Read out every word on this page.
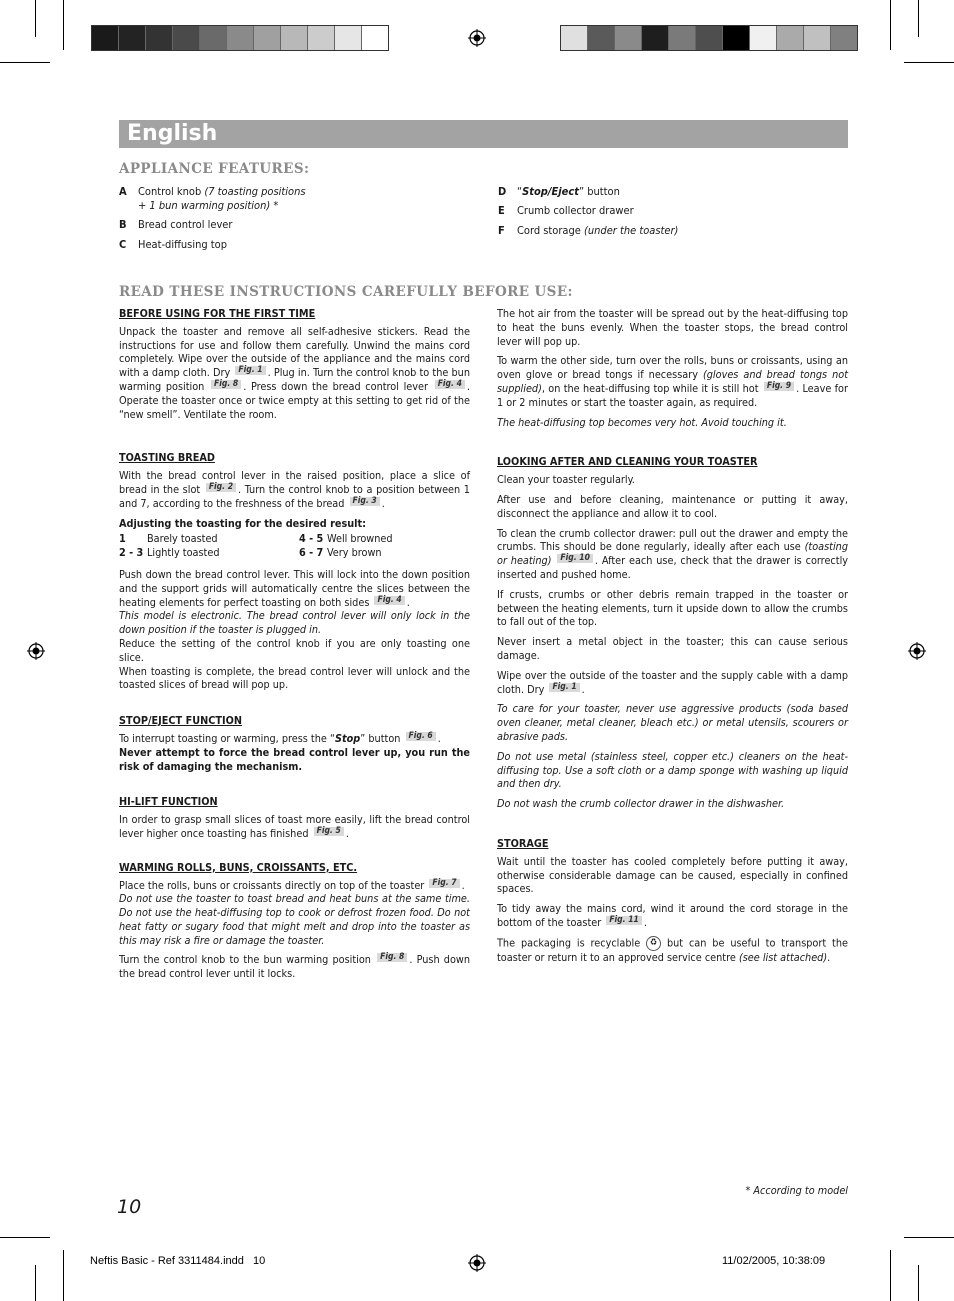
English
APPLIANCE FEATURES:
A Control knob (7 toasting positions
+ 1 bun warming position) *
B Bread control lever
C Heat-diffusing top
D “Stop/Eject” button
E Crumb collector drawer
F Cord storage (under the toaster)
READ THESE INSTRUCTIONS CAREFULLY BEFORE USE:
BEFORE USING FOR THE FIRST TIME

Unpack the toaster and remove all self-adhesive stickers. Read the instructions for use and follow them carefully. Unwind the mains cord completely. Wipe over the outside of the appliance and the mains cord with a damp cloth. Dry Fig. 1 . Plug in. Turn the control knob to the bun warming position Fig. 8 . Press down the bread control lever Fig. 4 . Operate the toaster once or twice empty at this setting to get rid of the “new smell”. Ventilate the room.

TOASTING BREAD

With the bread control lever in the raised position, place a slice of bread in the slot Fig. 2 . Turn the control knob to a position between 1 and 7, according to the freshness of the bread Fig. 3 .

Adjusting the toasting for the desired result:
1	Barely toasted	4 - 5 Well browned
2 - 3 Lightly toasted	6 - 7 Very brown

Push down the bread control lever. This will lock into the down position and the support grids will automatically centre the slices between the heating elements for perfect toasting on both sides Fig. 4 .

This model is electronic. The bread control lever will only lock in the down position if the toaster is plugged in.

Reduce the setting of the control knob if you are only toasting one slice.

When toasting is complete, the bread control lever will unlock and the toasted slices of bread will pop up.

STOP/EJECT FUNCTION

To interrupt toasting or warming, press the “Stop” button Fig. 6 .

Never attempt to force the bread control lever up, you run the risk of damaging the mechanism.

HI-LIFT FUNCTION

In order to grasp small slices of toast more easily, lift the bread control lever higher once toasting has finished Fig. 5 .

WARMING ROLLS, BUNS, CROISSANTS, ETC.

Place the rolls, buns or croissants directly on top of the toaster Fig. 7 .

Do not use the toaster to toast bread and heat buns at the same time. Do not use the heat-diffusing top to cook or defrost frozen food. Do not heat fatty or sugary food that might melt and drop into the toaster as this may risk a fire or damage the toaster.

Turn the control knob to the bun warming position Fig. 8 . Push down the bread control lever until it locks.

The hot air from the toaster will be spread out by the heat-diffusing top to heat the buns evenly. When the toaster stops, the bread control lever will pop up.

To warm the other side, turn over the rolls, buns or croissants, using an oven glove or bread tongs if necessary (gloves and bread tongs not supplied), on the heat-diffusing top while it is still hot Fig. 9 . Leave for 1 or 2 minutes or start the toaster again, as required.

The heat-diffusing top becomes very hot. Avoid touching it.

LOOKING AFTER AND CLEANING YOUR TOASTER

Clean your toaster regularly.

After use and before cleaning, maintenance or putting it away, disconnect the appliance and allow it to cool.

To clean the crumb collector drawer: pull out the drawer and empty the crumbs. This should be done regularly, ideally after each use (toasting or heating) Fig. 10 . After each use, check that the drawer is correctly inserted and pushed home.

If crusts, crumbs or other debris remain trapped in the toaster or between the heating elements, turn it upside down to allow the crumbs to fall out of the top.

Never insert a metal object in the toaster; this can cause serious damage.

Wipe over the outside of the toaster and the supply cable with a damp cloth. Dry Fig. 1 .

To care for your toaster, never use aggressive products (soda based oven cleaner, metal cleaner, bleach etc.) or metal utensils, scourers or abrasive pads.

Do not use metal (stainless steel, copper etc.) cleaners on the heat-diffusing top. Use a soft cloth or a damp sponge with washing up liquid and then dry.

Do not wash the crumb collector drawer in the dishwasher.

STORAGE

Wait until the toaster has cooled completely before putting it away, otherwise considerable damage can be caused, especially in confined spaces.

To tidy away the mains cord, wind it around the cord storage in the bottom of the toaster Fig. 11 .

The packaging is recyclable ♻ but can be useful to transport the toaster or return it to an approved service centre (see list attached).

* According to model
10
Neftis Basic - Ref 3311484.indd   10	11/02/2005, 10:38:09
